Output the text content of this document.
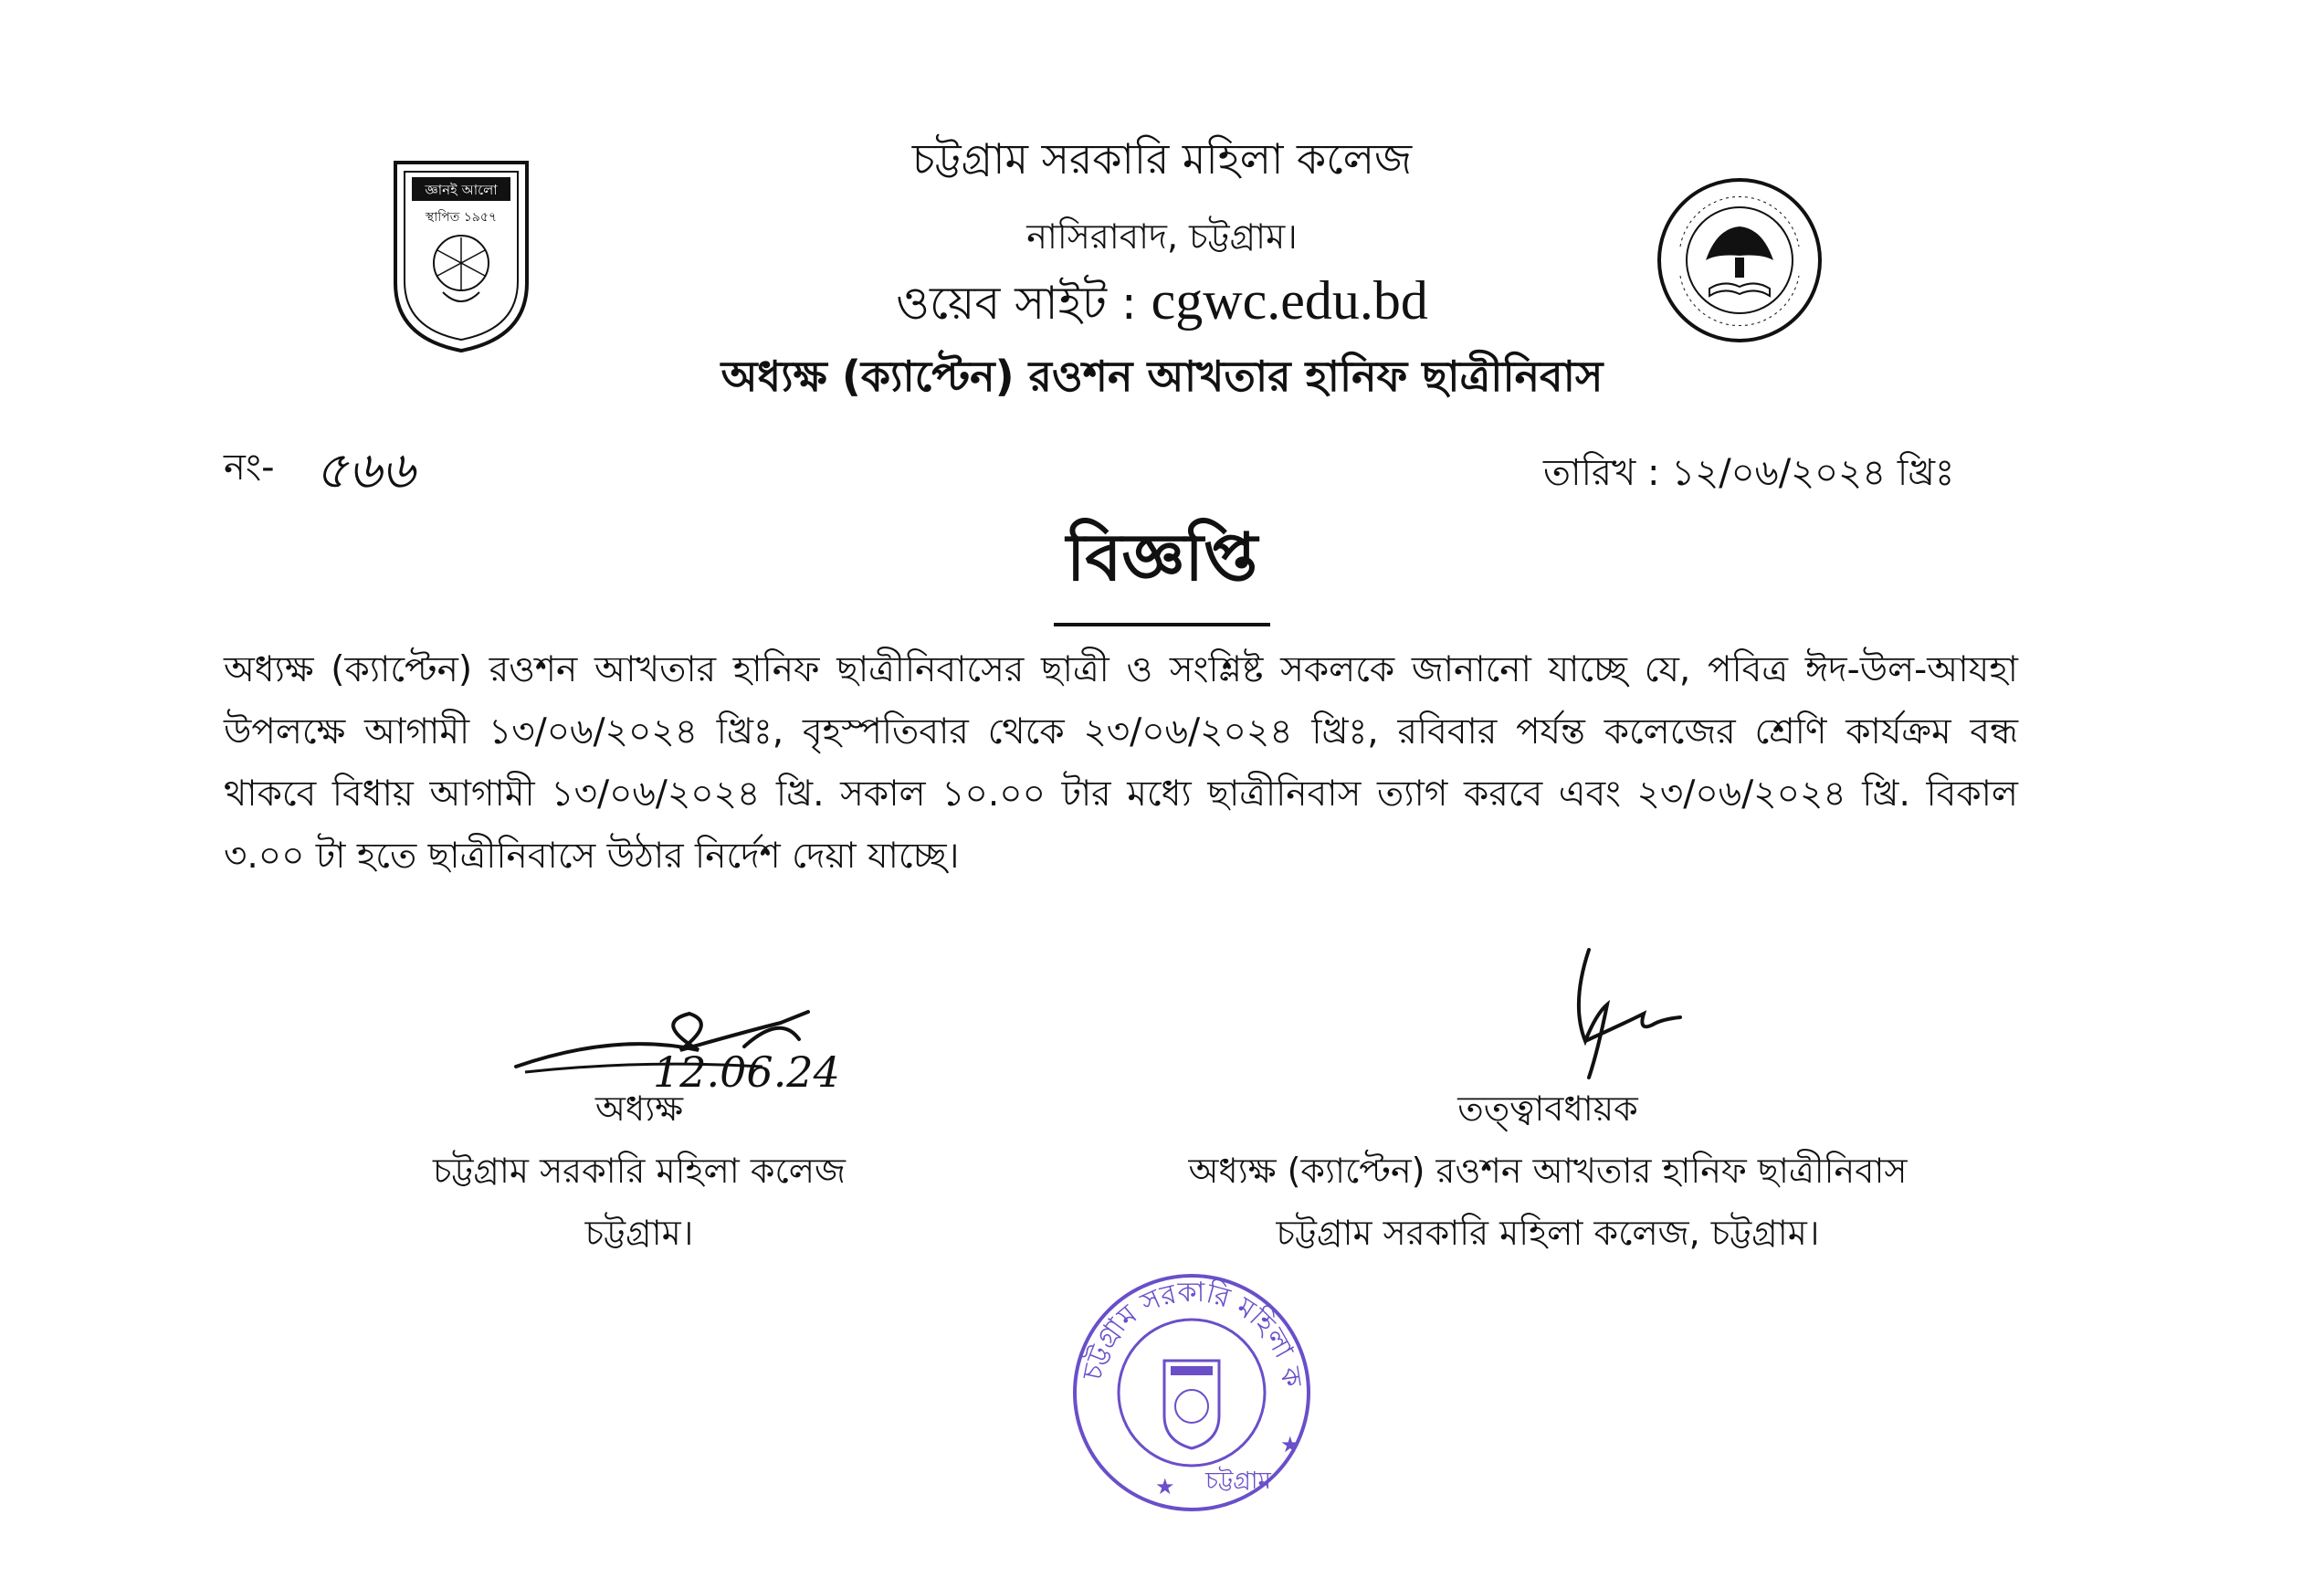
জ্ঞানই আলো
স্থাপিত ১৯৫৭
চট্টগ্রাম সরকারি মহিলা কলেজ
নাসিরাবাদ, চট্টগ্রাম।
ওয়েব সাইট : cgwc.edu.bd
অধ্যক্ষ (ক্যাপ্টেন) রওশন আখতার হানিফ ছাত্রীনিবাস
নং- ৫৬৬	তারিখ : ১২/০৬/২০২৪ খ্রিঃ
বিজ্ঞপ্তি
অধ্যক্ষ (ক্যাপ্টেন) রওশন আখতার হানিফ ছাত্রীনিবাসের ছাত্রী ও সংশ্লিষ্ট সকলকে জানানো যাচ্ছে যে, পবিত্র ঈদ-উল-আযহা উপলক্ষে আগামী ১৩/০৬/২০২৪ খ্রিঃ, বৃহস্পতিবার থেকে ২৩/০৬/২০২৪ খ্রিঃ, রবিবার পর্যন্ত কলেজের শ্রেণি কার্যক্রম বন্ধ থাকবে বিধায় আগামী ১৩/০৬/২০২৪ খ্রি. সকাল ১০.০০ টার মধ্যে ছাত্রীনিবাস ত্যাগ করবে এবং ২৩/০৬/২০২৪ খ্রি. বিকাল ৩.০০ টা হতে ছাত্রীনিবাসে উঠার নির্দেশ দেয়া যাচ্ছে।
12.06.24
অধ্যক্ষ
চট্টগ্রাম সরকারি মহিলা কলেজ
চট্টগ্রাম।
তত্ত্বাবধায়ক
অধ্যক্ষ (ক্যাপ্টেন) রওশন আখতার হানিফ ছাত্রীনিবাস
চট্টগ্রাম সরকারি মহিলা কলেজ, চট্টগ্রাম।
চট্টগ্রাম সরকারি মহিলা ক
চট্টগ্রাম
★
★
